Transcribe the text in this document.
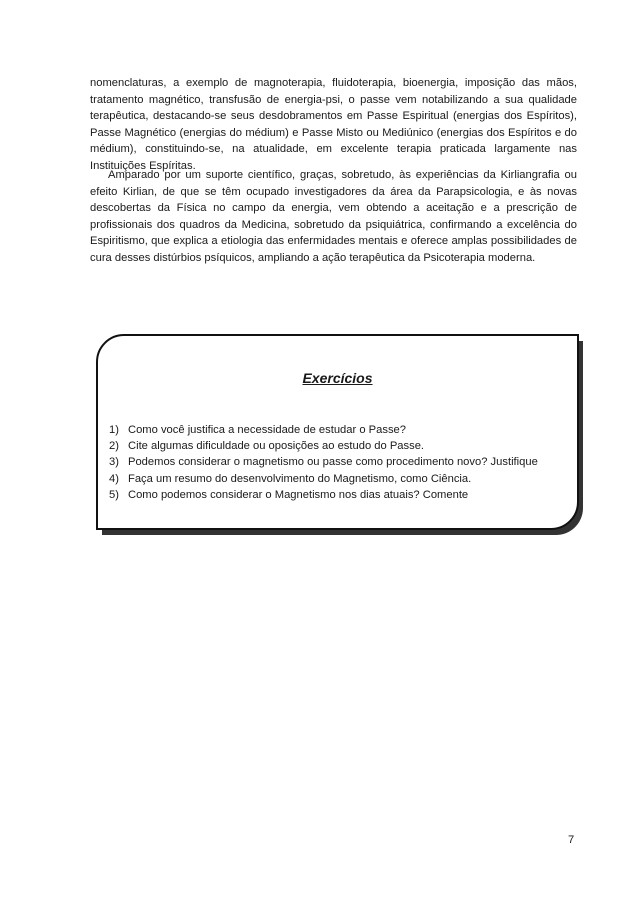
nomenclaturas, a exemplo de magnoterapia, fluidoterapia, bioenergia, imposição das mãos, tratamento magnético, transfusão de energia-psi, o passe vem notabilizando a sua qualidade terapêutica, destacando-se seus desdobramentos em Passe Espiritual (energias dos Espíritos), Passe Magnético (energias do médium) e Passe Misto ou Mediúnico (energias dos Espíritos e do médium), constituindo-se, na atualidade, em excelente terapia praticada largamente nas Instituições Espíritas.

Amparado por um suporte científico, graças, sobretudo, às experiências da Kirliangrafia ou efeito Kirlian, de que se têm ocupado investigadores da área da Parapsicologia, e às novas descobertas da Física no campo da energia, vem obtendo a aceitação e a prescrição de profissionais dos quadros da Medicina, sobretudo da psiquiátrica, confirmando a excelência do Espiritismo, que explica a etiologia das enfermidades mentais e oferece amplas possibilidades de cura desses distúrbios psíquicos, ampliando a ação terapêutica da Psicoterapia moderna.

Exercícios

1) Como você justifica a necessidade de estudar o Passe?
2) Cite algumas dificuldade ou oposições ao estudo do Passe.
3) Podemos considerar o magnetismo ou passe como procedimento novo? Justifique
4) Faça um resumo do desenvolvimento do Magnetismo, como Ciência.
5) Como podemos considerar o Magnetismo nos dias atuais? Comente
7
